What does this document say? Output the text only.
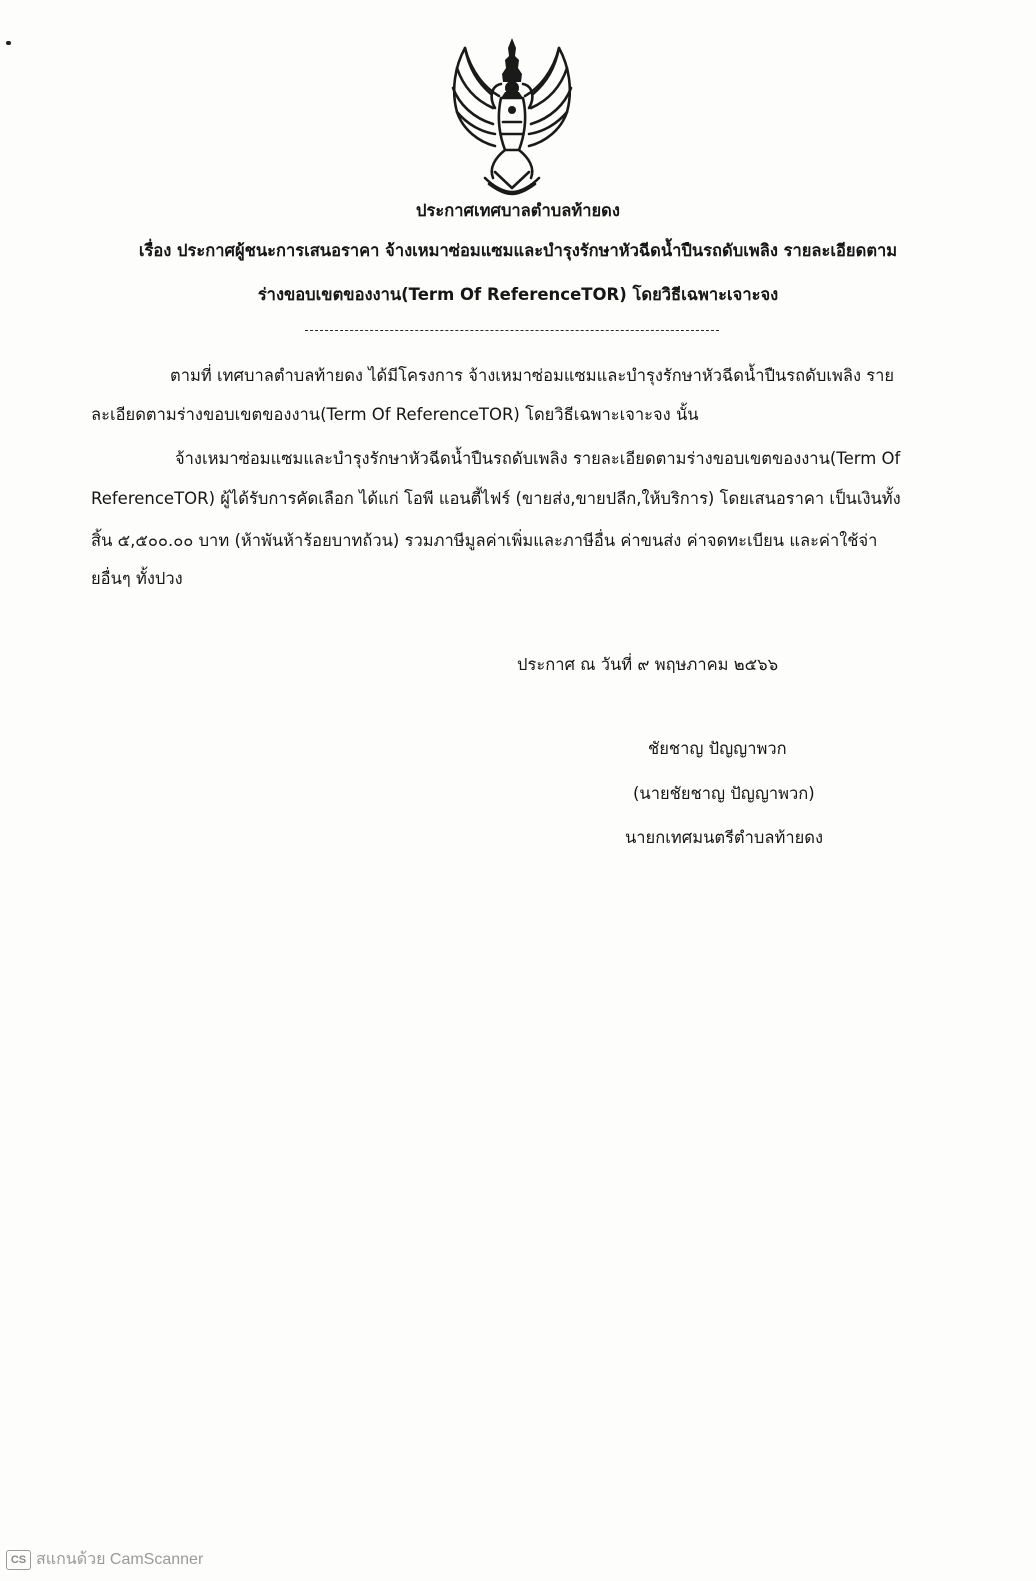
ประกาศเทศบาลตำบลท้ายดง
เรื่อง ประกาศผู้ชนะการเสนอราคา จ้างเหมาซ่อมแซมและบำรุงรักษาหัวฉีดน้ำปืนรถดับเพลิง รายละเอียดตาม
ร่างขอบเขตของงาน(Term Of ReferenceTOR) โดยวิธีเฉพาะเจาะจง
ตามที่ เทศบาลตำบลท้ายดง ได้มีโครงการ จ้างเหมาซ่อมแซมและบำรุงรักษาหัวฉีดน้ำปืนรถดับเพลิง ราย
ละเอียดตามร่างขอบเขตของงาน(Term Of ReferenceTOR) โดยวิธีเฉพาะเจาะจง นั้น
จ้างเหมาซ่อมแซมและบำรุงรักษาหัวฉีดน้ำปืนรถดับเพลิง รายละเอียดตามร่างขอบเขตของงาน(Term Of
ReferenceTOR) ผู้ได้รับการคัดเลือก ได้แก่ โอพี แอนตี้ไฟร์ (ขายส่ง,ขายปลีก,ให้บริการ) โดยเสนอราคา เป็นเงินทั้ง
สิ้น ๕,๕๐๐.๐๐ บาท (ห้าพันห้าร้อยบาทถ้วน) รวมภาษีมูลค่าเพิ่มและภาษีอื่น ค่าขนส่ง ค่าจดทะเบียน และค่าใช้จ่า
ยอื่นๆ ทั้งปวง
ประกาศ ณ วันที่ ๙ พฤษภาคม ๒๕๖๖
ชัยชาญ ปัญญาพวก
(นายชัยชาญ ปัญญาพวก)
นายกเทศมนตรีตำบลท้ายดง
CS สแกนด้วย CamScanner
